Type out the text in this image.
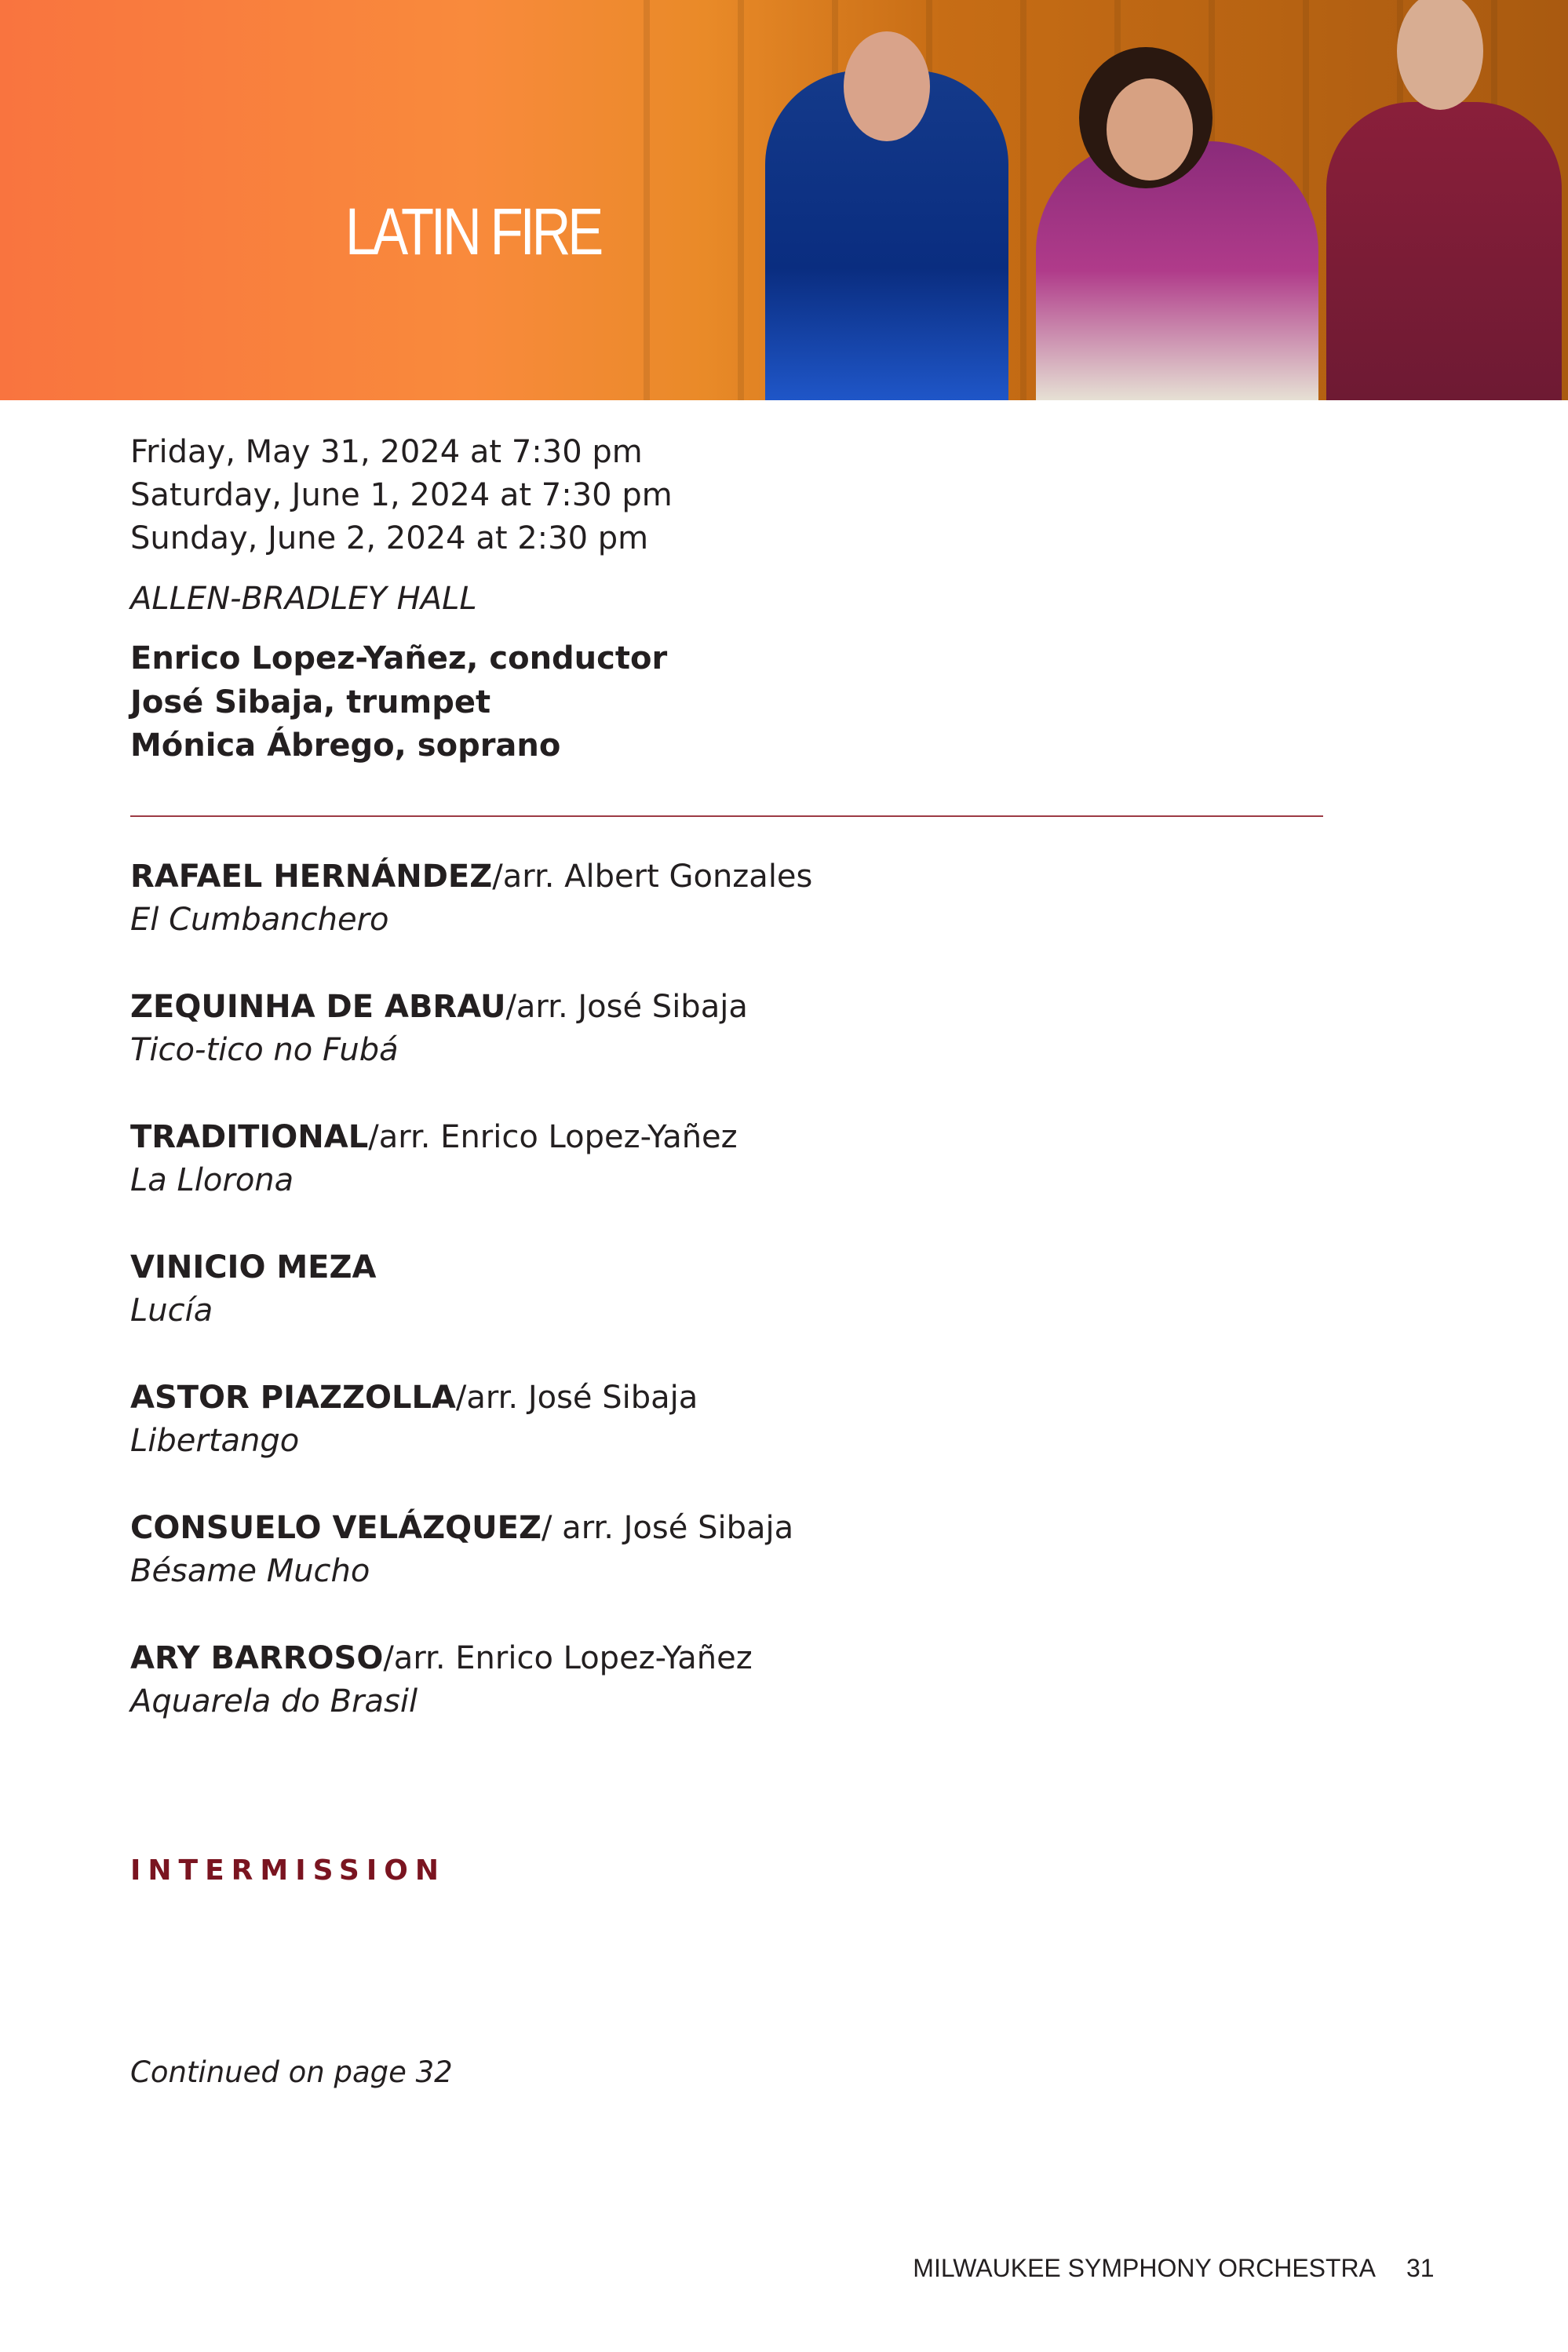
LATIN FIRE
Friday, May 31, 2024 at 7:30 pm
Saturday, June 1, 2024 at 7:30 pm
Sunday, June 2, 2024 at 2:30 pm
ALLEN-BRADLEY HALL
Enrico Lopez-Yañez, conductor
José Sibaja, trumpet
Mónica Ábrego, soprano
RAFAEL HERNÁNDEZ/arr. Albert Gonzales
El Cumbanchero
ZEQUINHA DE ABRAU/arr. José Sibaja
Tico-tico no Fubá
TRADITIONAL/arr. Enrico Lopez-Yañez
La Llorona
VINICIO MEZA
Lucía
ASTOR PIAZZOLLA/arr. José Sibaja
Libertango
CONSUELO VELÁZQUEZ/ arr. José Sibaja
Bésame Mucho
ARY BARROSO/arr. Enrico Lopez-Yañez
Aquarela do Brasil
INTERMISSION
Continued on page 32
MILWAUKEE SYMPHONY ORCHESTRA 31
